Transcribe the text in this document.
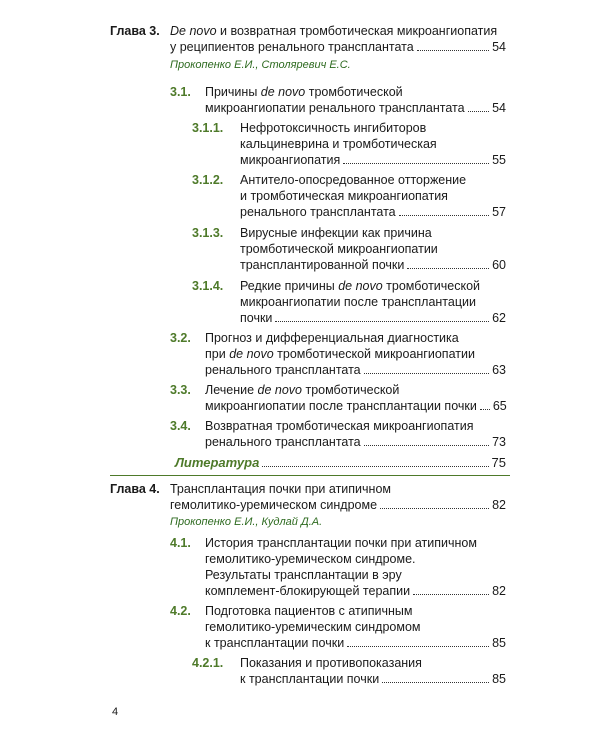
Глава 3. De novo и возвратная тромботическая микроангиопатия
у реципиентов ренального трансплантата	54
Прокопенко Е.И., Столяревич Е.С.
3.1. Причины de novo тромботической
микроангиопатии ренального трансплантата 54
3.1.1. Нефротоксичность ингибиторов
кальциневрина и тромботическая
микроангиопатия	55
3.1.2. Антитело-опосредованное отторжение
и тромботическая микроангиопатия
ренального трансплантата	57
3.1.3. Вирусные инфекции как причина
тромботической микроангиопатии
трансплантированной почки	60
3.1.4. Редкие причины de novo тромботической
микроангиопатии после трансплантации
почки	62
3.2. Прогноз и дифференциальная диагностика
при de novo тромботической микроангиопатии
ренального трансплантата	63
3.3. Лечение de novo тромботической
микроангиопатии после трансплантации почки 65
3.4. Возвратная тромботическая микроангиопатия
ренального трансплантата	73
Литература	75
Глава 4. Трансплантация почки при атипичном
гемолитико-уремическом синдроме	82
Прокопенко Е.И., Кудлай Д.А.
4.1. История трансплантации почки при атипичном
гемолитико-уремическом синдроме.
Результаты трансплантации в эру
комплемент-блокирующей терапии	82
4.2. Подготовка пациентов с атипичным
гемолитико-уремическим синдромом
к трансплантации почки	85
4.2.1. Показания и противопоказания
к трансплантации почки	85
4
